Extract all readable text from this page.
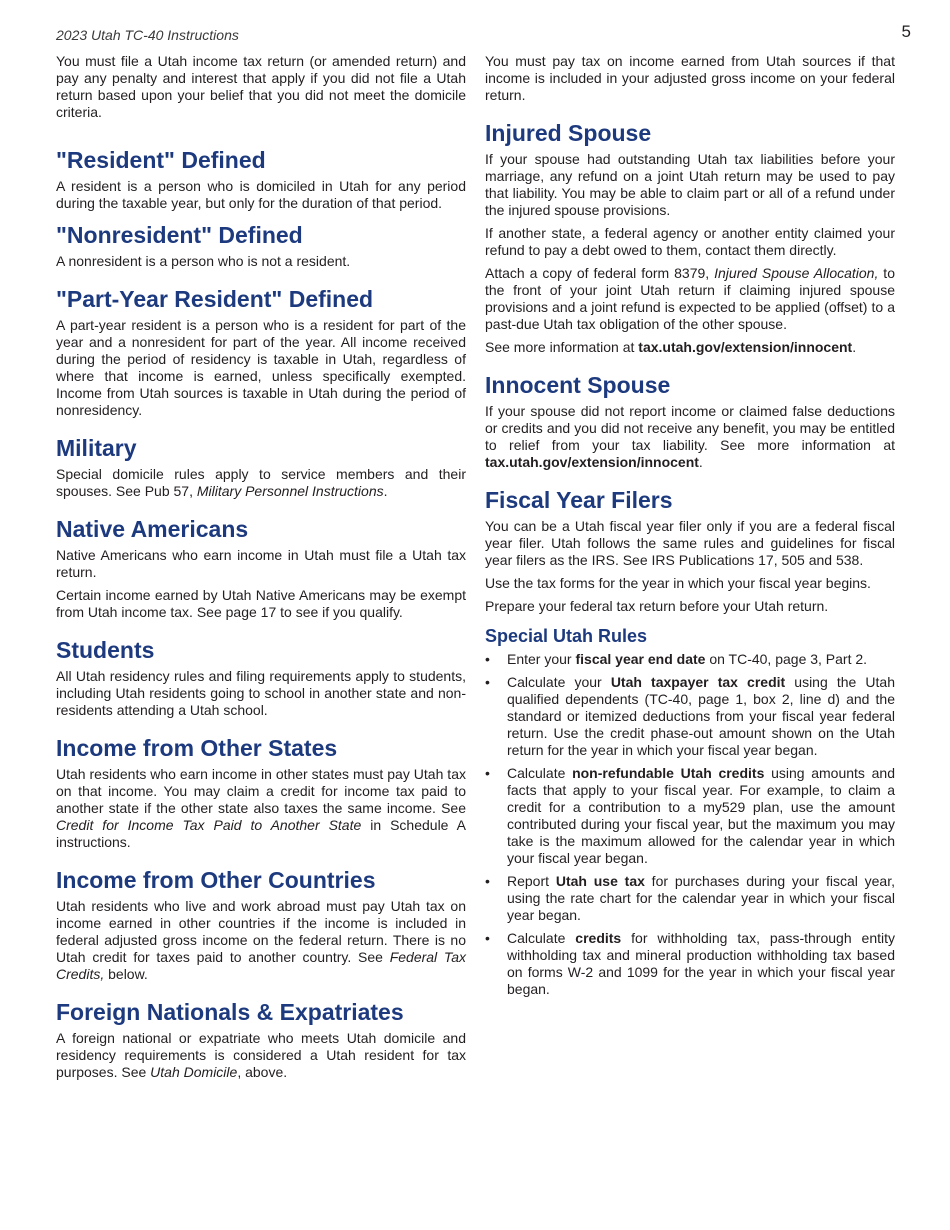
2023 Utah TC-40 Instructions	5

You must file a Utah income tax return (or amended return) and pay any penalty and interest that apply if you did not file a Utah return based upon your belief that you did not meet the domicile criteria.

"Resident" Defined

A resident is a person who is domiciled in Utah for any period during the taxable year, but only for the duration of that period.

"Nonresident" Defined

A nonresident is a person who is not a resident.

"Part-Year Resident" Defined

A part-year resident is a person who is a resident for part of the year and a nonresident for part of the year. All income received during the period of residency is taxable in Utah, regardless of where that income is earned, unless specifically exempted. Income from Utah sources is taxable in Utah during the period of nonresidency.

Military

Special domicile rules apply to service members and their spouses. See Pub 57, Military Personnel Instructions.

Native Americans

Native Americans who earn income in Utah must file a Utah tax return.

Certain income earned by Utah Native Americans may be exempt from Utah income tax. See page 17 to see if you qualify.

Students

All Utah residency rules and filing requirements apply to students, including Utah residents going to school in another state and non-residents attending a Utah school.

Income from Other States

Utah residents who earn income in other states must pay Utah tax on that income. You may claim a credit for income tax paid to another state if the other state also taxes the same income. See Credit for Income Tax Paid to Another State in Schedule A instructions.

Income from Other Countries

Utah residents who live and work abroad must pay Utah tax on income earned in other countries if the income is included in federal adjusted gross income on the federal return. There is no Utah credit for taxes paid to another country. See Federal Tax Credits, below.

Foreign Nationals & Expatriates

A foreign national or expatriate who meets Utah domicile and residency requirements is considered a Utah resident for tax purposes. See Utah Domicile, above.

You must pay tax on income earned from Utah sources if that income is included in your adjusted gross income on your federal return.

Injured Spouse

If your spouse had outstanding Utah tax liabilities before your marriage, any refund on a joint Utah return may be used to pay that liability. You may be able to claim part or all of a refund under the injured spouse provisions.

If another state, a federal agency or another entity claimed your refund to pay a debt owed to them, contact them directly.

Attach a copy of federal form 8379, Injured Spouse Allocation, to the front of your joint Utah return if claiming injured spouse provisions and a joint refund is expected to be applied (offset) to a past-due Utah tax obligation of the other spouse.

See more information at tax.utah.gov/extension/innocent.

Innocent Spouse

If your spouse did not report income or claimed false deductions or credits and you did not receive any benefit, you may be entitled to relief from your tax liability. See more information at tax.utah.gov/extension/innocent.

Fiscal Year Filers

You can be a Utah fiscal year filer only if you are a federal fiscal year filer. Utah follows the same rules and guidelines for fiscal year filers as the IRS. See IRS Publications 17, 505 and 538.

Use the tax forms for the year in which your fiscal year begins.

Prepare your federal tax return before your Utah return.

Special Utah Rules
• Enter your fiscal year end date on TC-40, page 3, Part 2.
• Calculate your Utah taxpayer tax credit using the Utah qualified dependents (TC-40, page 1, box 2, line d) and the standard or itemized deductions from your fiscal year federal return. Use the credit phase-out amount shown on the Utah return for the year in which your fiscal year began.
• Calculate non-refundable Utah credits using amounts and facts that apply to your fiscal year. For example, to claim a credit for a contribution to a my529 plan, use the amount contributed during your fiscal year, but the maximum you may take is the maximum allowed for the calendar year in which your fiscal year began.
• Report Utah use tax for purchases during your fiscal year, using the rate chart for the calendar year in which your fiscal year began.
• Calculate credits for withholding tax, pass-through entity withholding tax and mineral production withholding tax based on forms W-2 and 1099 for the year in which your fiscal year began.
